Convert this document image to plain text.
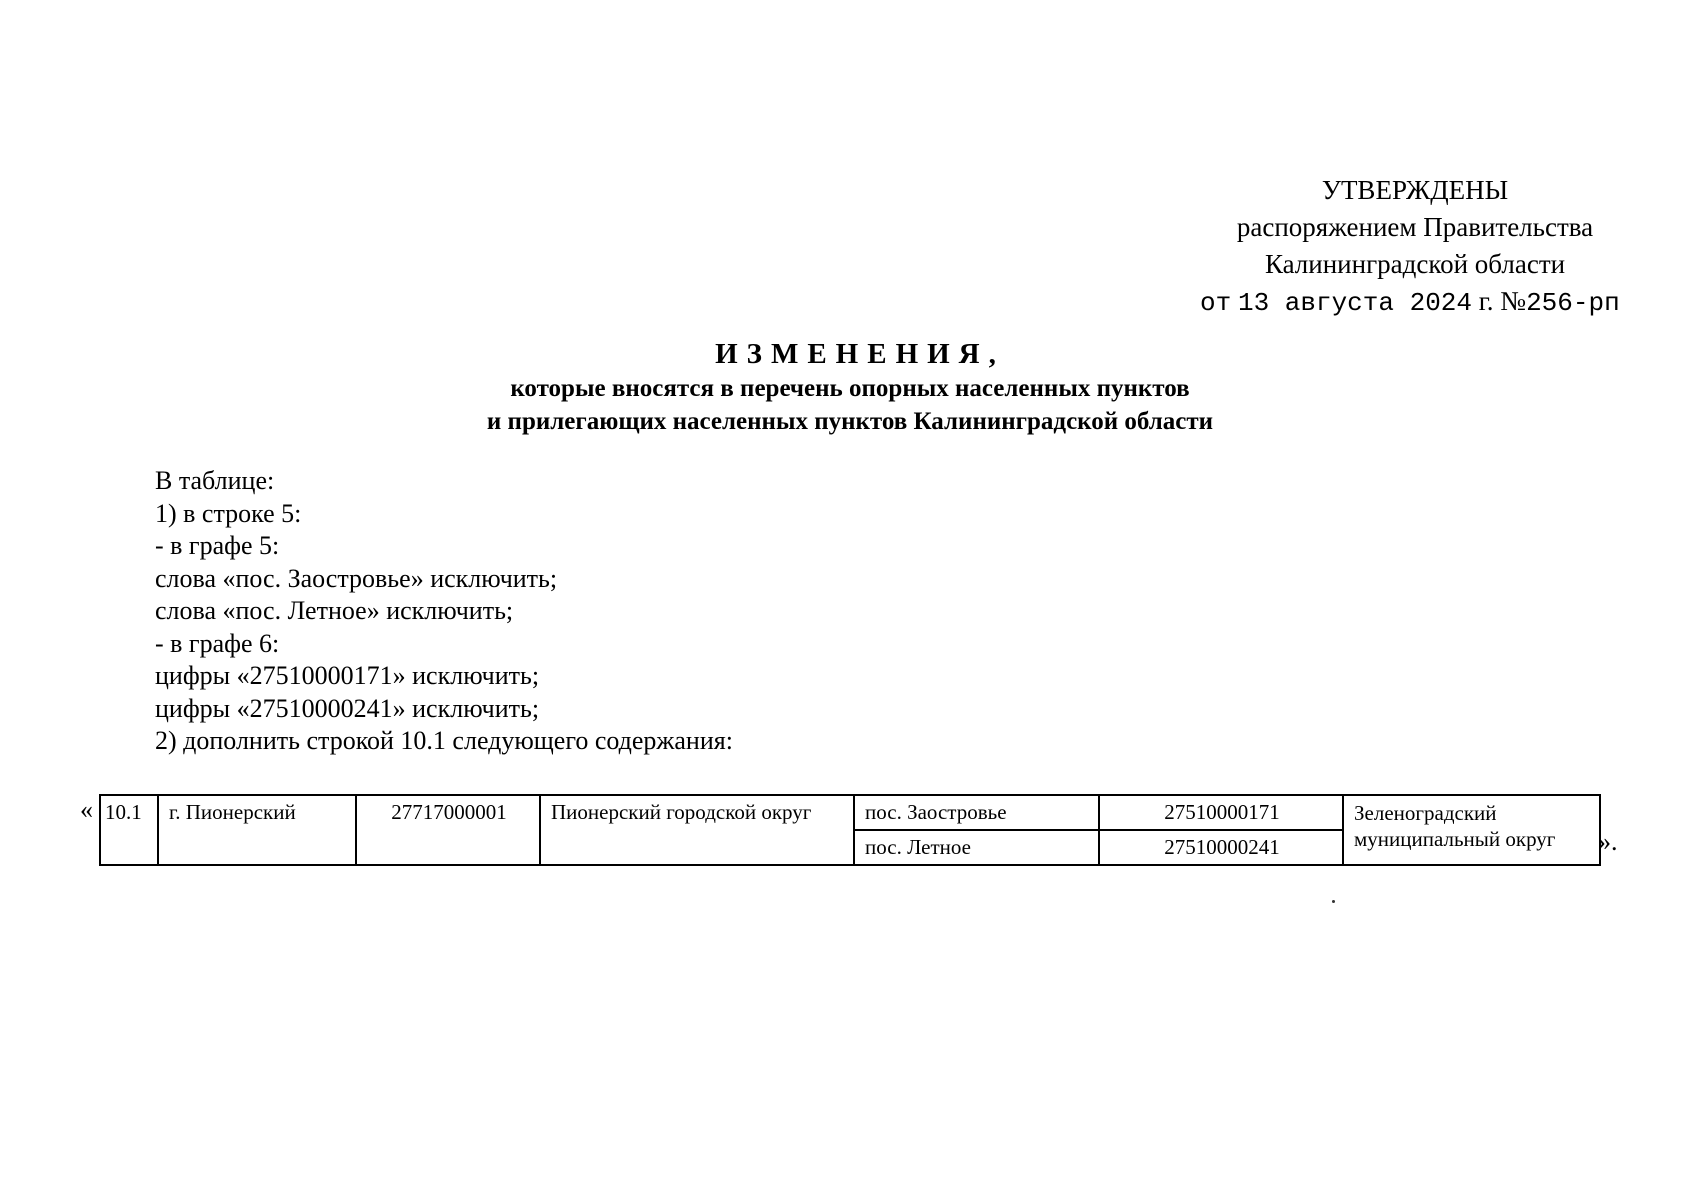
УТВЕРЖДЕНЫ
распоряжением Правительства
Калининградской области
от 13 августа 2024 г. №256-рп
ИЗМЕНЕНИЯ,
которые вносятся в перечень опорных населенных пунктов
и прилегающих населенных пунктов Калининградской области
В таблице:
1) в строке 5:
- в графе 5:
слова «пос. Заостровье» исключить;
слова «пос. Летное» исключить;
- в графе 6:
цифры «27510000171» исключить;
цифры «27510000241» исключить;
2) дополнить строкой 10.1 следующего содержания:
« 10.1	г. Пионерский	27717000001	Пионерский городской округ	пос. Заостровье	27510000171	Зеленоградский муниципальный округ
				пос. Летное	27510000241		».
